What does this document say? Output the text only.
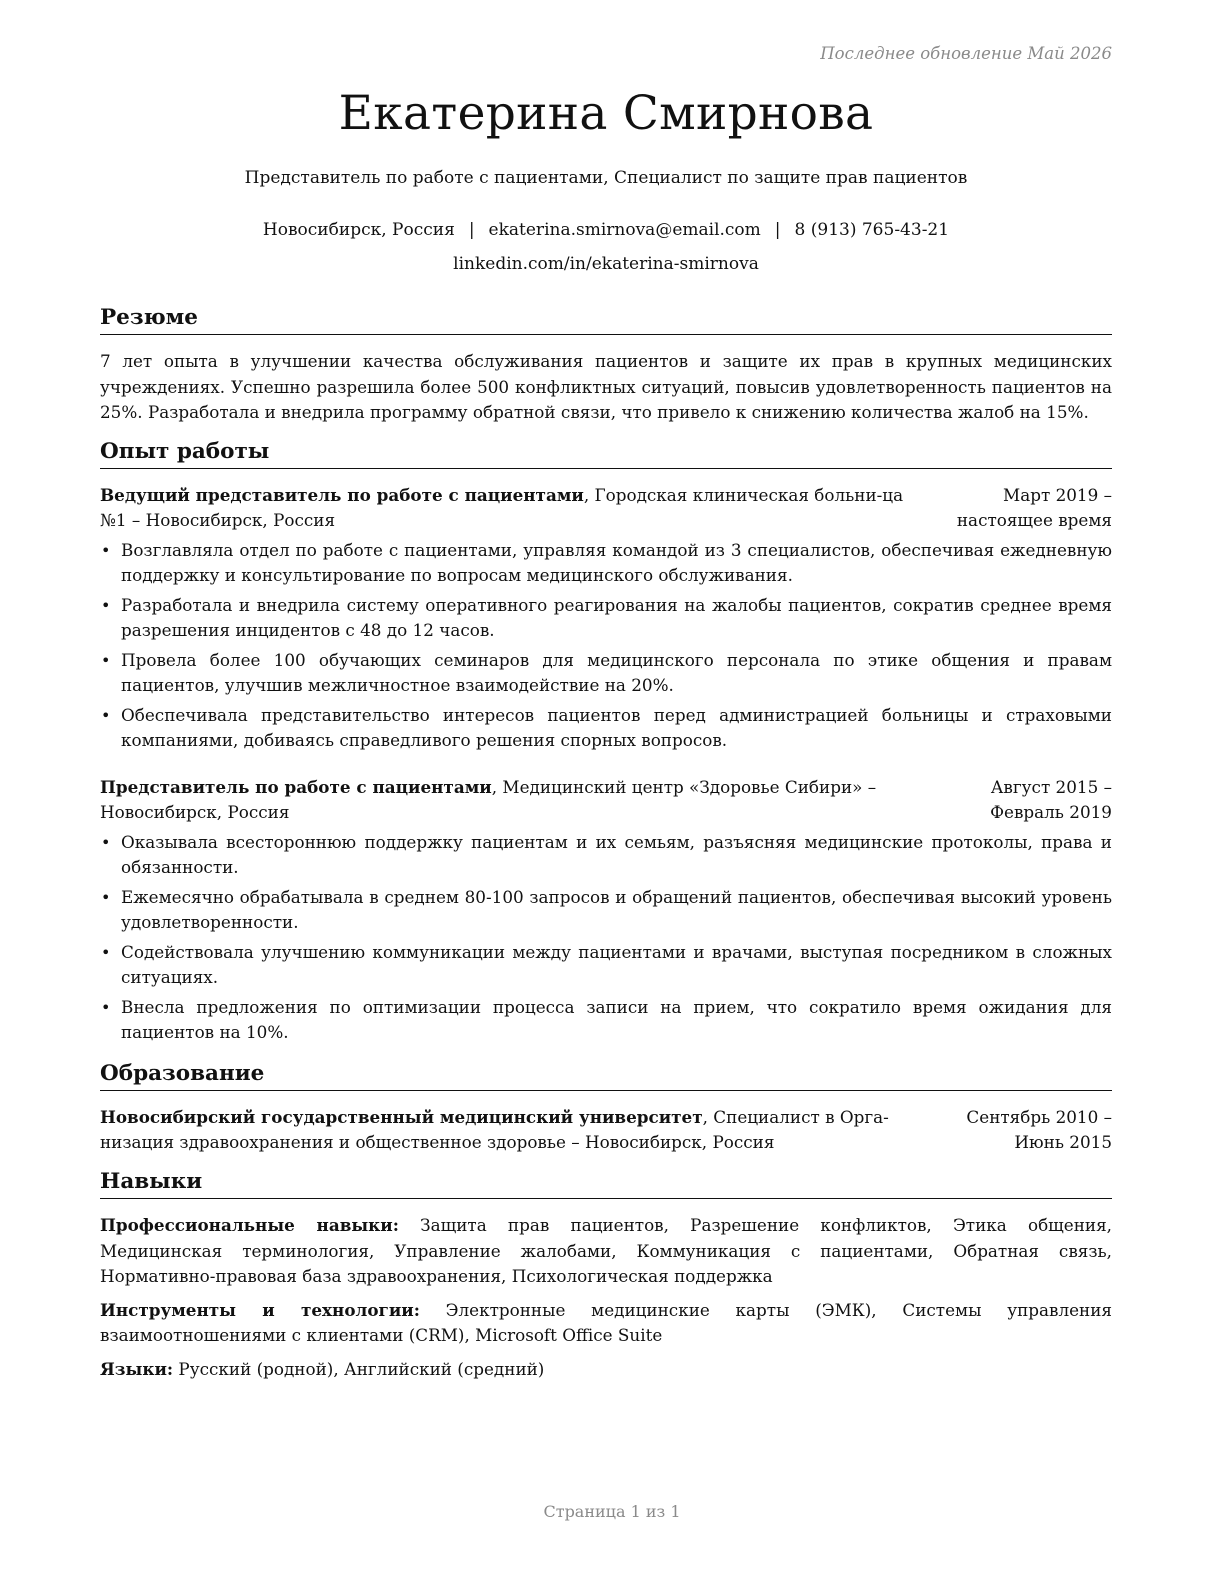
Последнее обновление Май 2026
Екатерина Смирнова
Представитель по работе с пациентами, Специалист по защите прав пациентов
Новосибирск, Россия | ekaterina.smirnova@email.com | 8 (913) 765-43-21
linkedin.com/in/ekaterina-smirnova
Резюме

7 лет опыта в улучшении качества обслуживания пациентов и защите их прав в крупных медицинских учреждениях. Успешно разрешила более 500 конфликтных ситуаций, повысив удовлетворенность пациентов на 25%. Разработала и внедрила программу обратной связи, что привело к снижению количества жалоб на 15%.

Опыт работы
Ведущий представитель по работе с пациентами, Городская клиническая больни-ца №1 – Новосибирск, Россия
Март 2019 – настоящее время
• Возглавляла отдел по работе с пациентами, управляя командой из 3 специалистов, обеспечивая ежедневную поддержку и консультирование по вопросам медицинского обслуживания.
• Разработала и внедрила систему оперативного реагирования на жалобы пациентов, сократив среднее время разрешения инцидентов с 48 до 12 часов.
• Провела более 100 обучающих семинаров для медицинского персонала по этике общения и правам пациентов, улучшив межличностное взаимодействие на 20%.
• Обеспечивала представительство интересов пациентов перед администрацией больницы и страховыми компаниями, добиваясь справедливого решения спорных вопросов.
Представитель по работе с пациентами, Медицинский центр «Здоровье Сибири» – Новосибирск, Россия
Август 2015 – Февраль 2019
• Оказывала всестороннюю поддержку пациентам и их семьям, разъясняя медицинские протоколы, права и обязанности.
• Ежемесячно обрабатывала в среднем 80-100 запросов и обращений пациентов, обеспечивая высокий уровень удовлетворенности.
• Содействовала улучшению коммуникации между пациентами и врачами, выступая посредником в сложных ситуациях.
• Внесла предложения по оптимизации процесса записи на прием, что сократило время ожидания для пациентов на 10%.
Образование
Новосибирский государственный медицинский университет, Специалист в Орга-низация здравоохранения и общественное здоровье – Новосибирск, Россия
Сентябрь 2010 – Июнь 2015
Навыки

Профессиональные навыки: Защита прав пациентов, Разрешение конфликтов, Этика общения, Медицинская терминология, Управление жалобами, Коммуникация с пациентами, Обратная связь, Нормативно-правовая база здравоохранения, Психологическая поддержка

Инструменты и технологии: Электронные медицинские карты (ЭМК), Системы управления взаимоотношениями с клиентами (CRM), Microsoft Office Suite

Языки: Русский (родной), Английский (средний)

Страница 1 из 1
